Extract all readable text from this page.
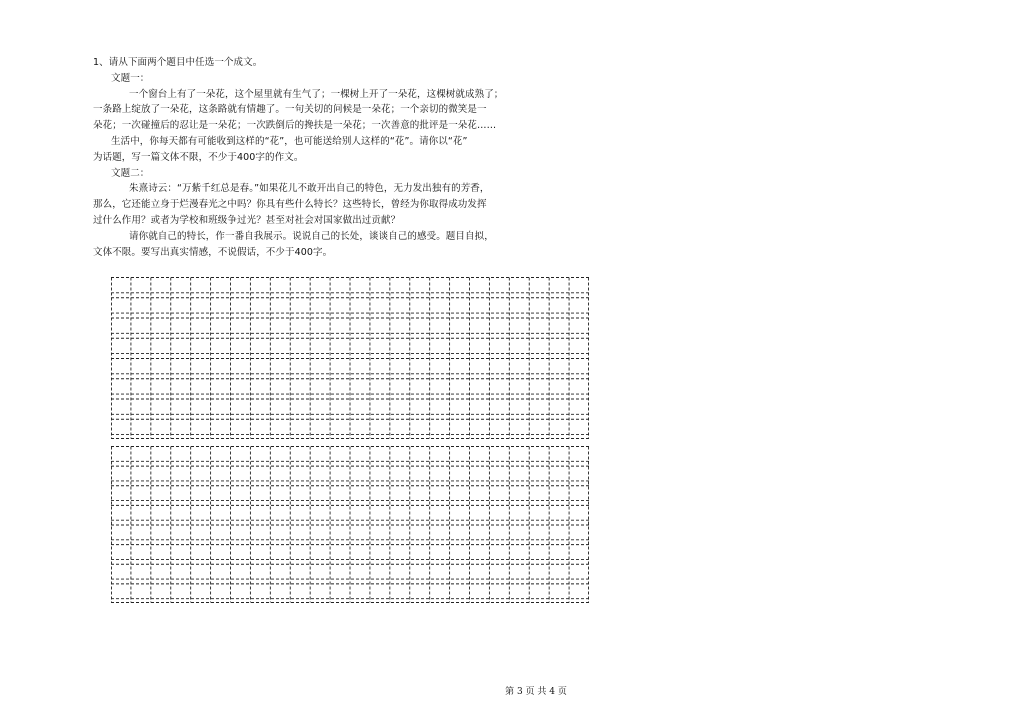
1、请从下面两个题目中任选一个成文。

文题一：

一个窗台上有了一朵花，这个屋里就有生气了；一棵树上开了一朵花，这棵树就成熟了；

一条路上绽放了一朵花，这条路就有情趣了。一句关切的问候是一朵花；一个亲切的微笑是一

朵花；一次碰撞后的忍让是一朵花；一次跌倒后的搀扶是一朵花；一次善意的批评是一朵花……

生活中，你每天都有可能收到这样的“花”，也可能送给别人这样的“花”。请你以“花”

为话题，写一篇文体不限，不少于400字的作文。

文题二：

朱熹诗云：“万紫千红总是春。”如果花儿不敢开出自己的特色，无力发出独有的芳香，

那么，它还能立身于烂漫春光之中吗？你具有些什么特长？这些特长，曾经为你取得成功发挥

过什么作用？或者为学校和班级争过光？甚至对社会对国家做出过贡献？

请你就自己的特长，作一番自我展示。说说自己的长处，谈谈自己的感受。题目自拟，

文体不限。要写出真实情感，不说假话，不少于400字。

第 3 页 共 4 页
